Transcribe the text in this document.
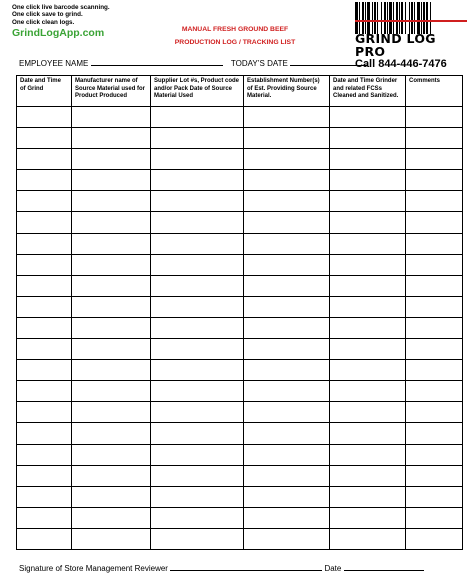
One click live barcode scanning.
One click save to grind.
One click clean logs.
GrindLogApp.com	MANUAL FRESH GROUND BEEF
PRODUCTION LOG / TRACKING LIST	GRIND LOG PRO
Call 844-446-7476
EMPLOYEE NAME	TODAY’S DATE
Date and Time of Grind	Manufacturer name of Source Material used for Product Produced	Supplier Lot #s, Product code and/or Pack Date of Source Material Used	Establishment Number(s) of Est. Providing Source Material.	Date and Time Grinder and related FCSs Cleaned and Sanitized.	Comments

Signature of Store Management Reviewer	Date
